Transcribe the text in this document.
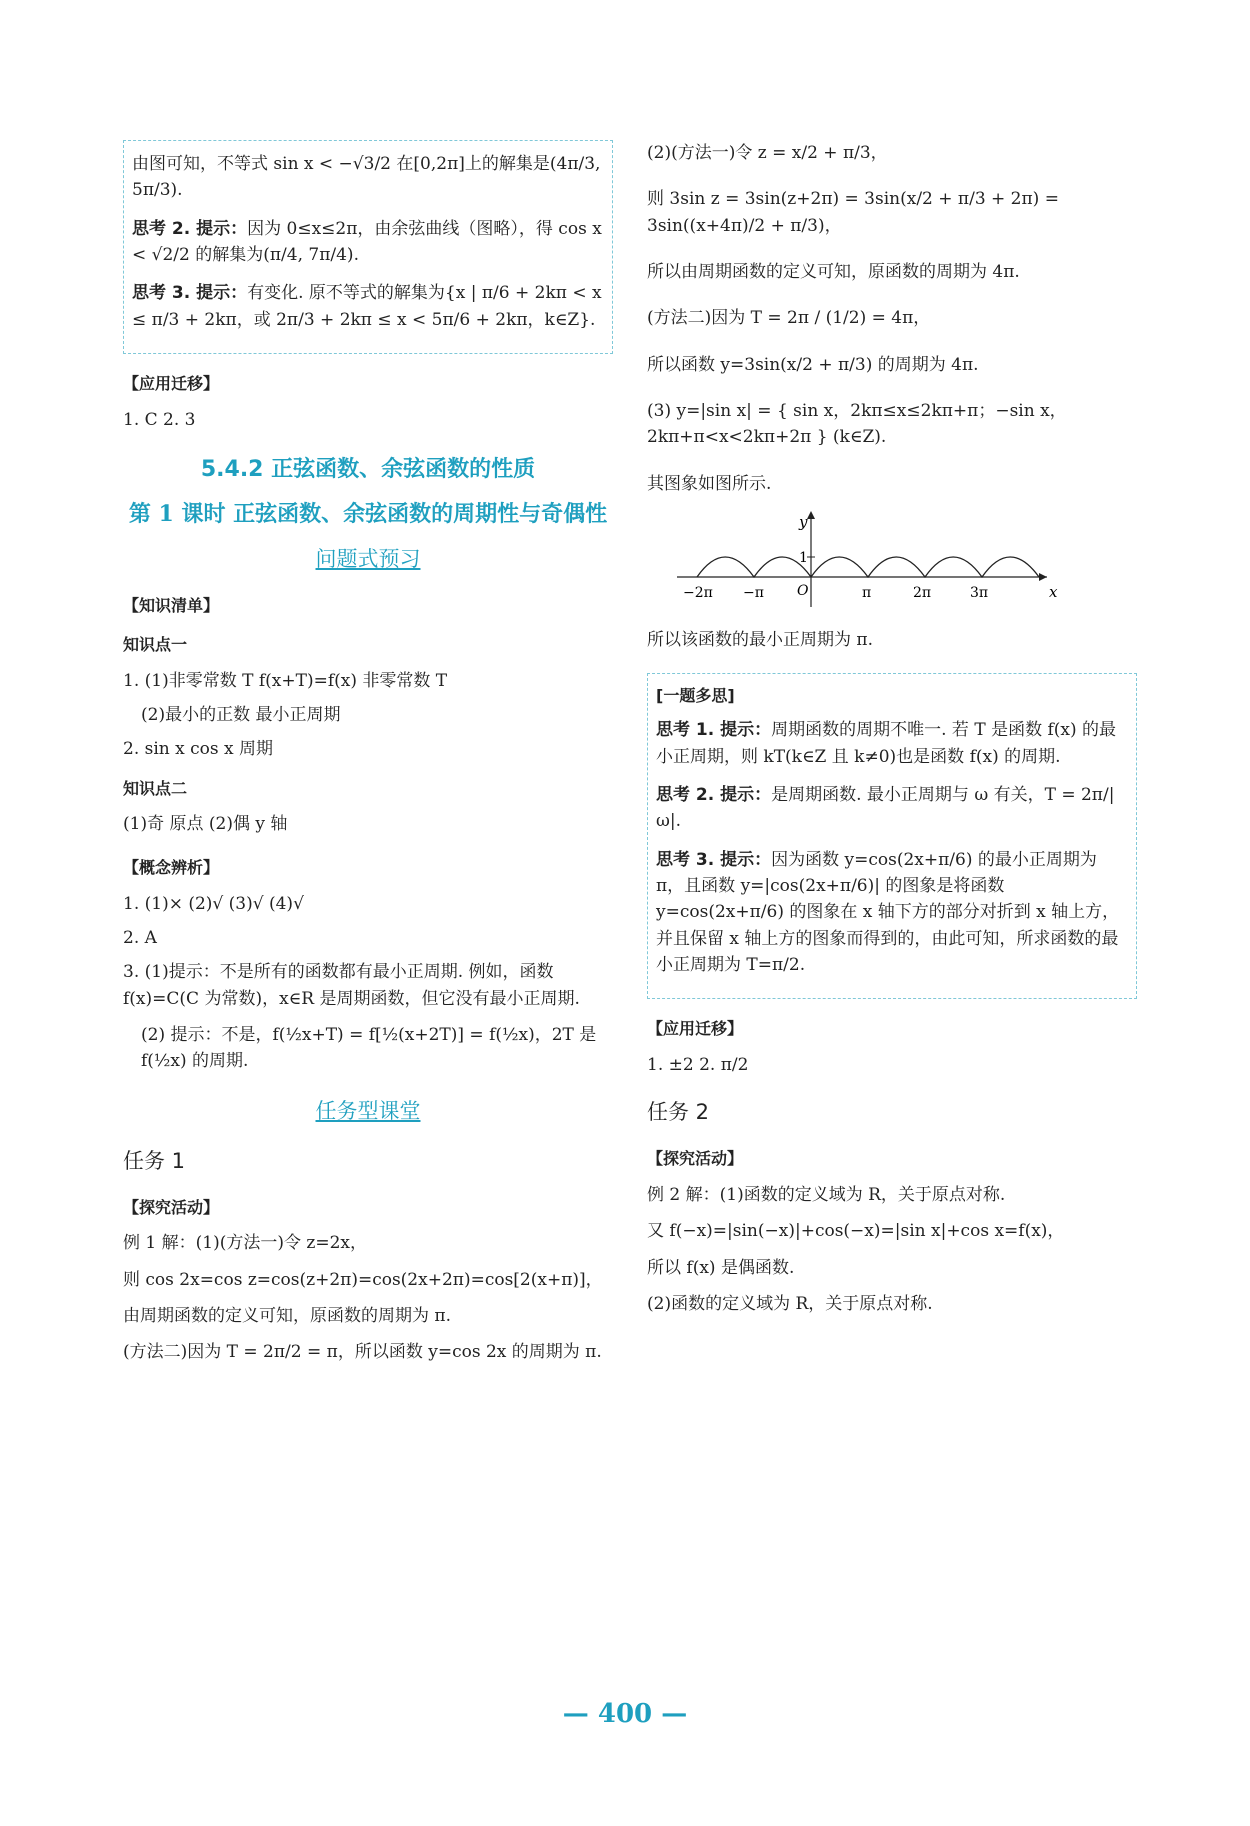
由图可知，不等式 sin x < −√3/2 在[0,2π]上的解集是(4π/3, 5π/3).

思考 2. 提示：因为 0≤x≤2π，由余弦曲线（图略），得 cos x < √2/2 的解集为(π/4, 7π/4).

思考 3. 提示：有变化. 原不等式的解集为{x | π/6 + 2kπ < x ≤ π/3 + 2kπ，或 2π/3 + 2kπ ≤ x < 5π/6 + 2kπ，k∈Z}.

【应用迁移】
1. C 2. 3
5.4.2 正弦函数、余弦函数的性质
第 1 课时 正弦函数、余弦函数的周期性与奇偶性
问题式预习
【知识清单】
知识点一
1. (1)非零常数 T f(x+T)=f(x) 非零常数 T
(2)最小的正数 最小正周期
2. sin x cos x 周期
知识点二
(1)奇 原点 (2)偶 y 轴
【概念辨析】
1. (1)× (2)√ (3)√ (4)√
2. A

3. (1)提示：不是所有的函数都有最小正周期. 例如，函数 f(x)=C(C 为常数)，x∈R 是周期函数，但它没有最小正周期.

(2) 提示：不是，f(½x+T) = f[½(x+2T)] = f(½x)，2T 是 f(½x) 的周期.

任务型课堂
任务 1
【探究活动】
例 1 解：(1)(方法一)令 z=2x，
则 cos 2x=cos z=cos(z+2π)=cos(2x+2π)=cos[2(x+π)]，
由周期函数的定义可知，原函数的周期为 π.
(方法二)因为 T = 2π/2 = π，所以函数 y=cos 2x 的周期为 π.

(2)(方法一)令 z = x/2 + π/3，

则 3sin z = 3sin(z+2π) = 3sin(x/2 + π/3 + 2π) = 3sin((x+4π)/2 + π/3)，

所以由周期函数的定义可知，原函数的周期为 4π.

(方法二)因为 T = 2π / (1/2) = 4π，

所以函数 y=3sin(x/2 + π/3) 的周期为 4π.

(3) y=|sin x| = { sin x，2kπ≤x≤2kπ+π；−sin x，2kπ+π<x<2kπ+2π } (k∈Z).

其图象如图所示.

y
x
1
O
−2π −π	π	2π	3π

所以该函数的最小正周期为 π.

[一题多思]

思考 1. 提示：周期函数的周期不唯一. 若 T 是函数 f(x) 的最小正周期，则 kT(k∈Z 且 k≠0)也是函数 f(x) 的周期.

思考 2. 提示：是周期函数. 最小正周期与 ω 有关，T = 2π/|ω|.

思考 3. 提示：因为函数 y=cos(2x+π/6) 的最小正周期为 π，且函数 y=|cos(2x+π/6)| 的图象是将函数 y=cos(2x+π/6) 的图象在 x 轴下方的部分对折到 x 轴上方，并且保留 x 轴上方的图象而得到的，由此可知，所求函数的最小正周期为 T=π/2.

【应用迁移】
1. ±2 2. π/2
任务 2
【探究活动】
例 2 解：(1)函数的定义域为 R，关于原点对称.
又 f(−x)=|sin(−x)|+cos(−x)=|sin x|+cos x=f(x)，
所以 f(x) 是偶函数.
(2)函数的定义域为 R，关于原点对称.
— 400 —
